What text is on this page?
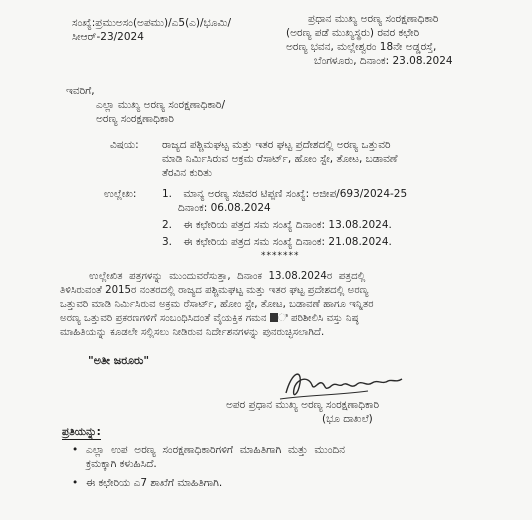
ಸಂಖ್ಯೆ:ಪ್ರಮುಅಸಂ(ಅಪಮು)/ಎ5(ಎ)/ಭೂಮಿ/
ಸೀಆರ್-23/2024
ಪ್ರಧಾನ ಮುಖ್ಯ ಅರಣ್ಯ ಸಂರಕ್ಷಣಾಧಿಕಾರಿ
(ಅರಣ್ಯ ಪಡೆ ಮುಖ್ಯಸ್ಥರು) ರವರ ಕಛೇರಿ
ಅರಣ್ಯ ಭವನ, ಮಲ್ಲೇಶ್ವರಂ 18ನೇ ಅಡ್ಡರಸ್ತೆ,
ಬೆಂಗಳೂರು, ದಿನಾಂಕ: 23.08.2024
ಇವರಿಗೆ,
ಎಲ್ಲಾ ಮುಖ್ಯ ಅರಣ್ಯ ಸಂರಕ್ಷಣಾಧಿಕಾರಿ/
ಅರಣ್ಯ ಸಂರಕ್ಷಣಾಧಿಕಾರಿ
ವಿಷಯ: ರಾಜ್ಯದ ಪಶ್ಚಿಮಘಟ್ಟ ಮತ್ತು ಇತರ ಘಟ್ಟ ಪ್ರದೇಶದಲ್ಲಿ ಅರಣ್ಯ ಒತ್ತುವರಿ
ಮಾಡಿ ನಿರ್ಮಿಸಿರುವ ಅಕ್ರಮ ರೆಸಾರ್ಟ್, ಹೋಂ ಸ್ಟೇ, ತೋಟ, ಬಡಾವಣೆ
ತೆರವಿನ ಕುರಿತು
ಉಲ್ಲೇಖ: 1. ಮಾನ್ಯ ಅರಣ್ಯ ಸಚಿವರ ಟಿಪ್ಪಣಿ ಸಂಖ್ಯೆ: ಅಜೀಪ/693/2024-25
ದಿನಾಂಕ: 06.08.2024
2. ಈ ಕಛೇರಿಯ ಪತ್ರದ ಸಮ ಸಂಖ್ಯೆ ದಿನಾಂಕ: 13.08.2024.
3. ಈ ಕಛೇರಿಯ ಪತ್ರದ ಸಮ ಸಂಖ್ಯೆ ದಿನಾಂಕ: 21.08.2024.
*******
ಉಲ್ಲೇಖಿತ  ಪತ್ರಗಳನ್ನು  ಮುಂದುವರೆಸುತ್ತಾ,  ದಿನಾಂಕ  13.08.2024ರ  ಪತ್ರದಲ್ಲಿ
ತಿಳಿಸಿರುವಂತೆ 2015ರ ನಂತರದಲ್ಲಿ ರಾಜ್ಯದ ಪಶ್ಚಿಮಘಟ್ಟ ಮತ್ತು ಇತರ ಘಟ್ಟ ಪ್ರದೇಶದಲ್ಲಿ ಅರಣ್ಯ
ಒತ್ತುವರಿ ಮಾಡಿ ನಿರ್ಮಿಸಿರುವ ಅಕ್ರಮ ರೆಸಾರ್ಟ್, ಹೋಂ ಸ್ಟೇ, ತೋಟ, ಬಡಾವಣೆ ಹಾಗೂ ಇನ್ನಿತರ
ಅರಣ್ಯ ಒತ್ತುವರಿ ಪ್ರಕರಣಗಳಿಗೆ ಸಂಬಂಧಿಸಿದಂತೆ ವೈಯಕ್ತಿಕ ಗಮನ ಿ ಪರಿಶೀಲಿಸಿ ವಸ್ತು ನಿಷ್ಠ
ಮಾಹಿತಿಯನ್ನು ಕೂಡಲೇ ಸಲ್ಲಿಸಲು ನೀಡಿರುವ ನಿರ್ದೇಶನಗಳನ್ನು ಪುನರುಚ್ಛಿಸಲಾಗಿದೆ.
"ಅತೀ ಜರೂರು"
ಅಪರ ಪ್ರಧಾನ ಮುಖ್ಯ ಅರಣ್ಯ ಸಂರಕ್ಷಣಾಧಿಕಾರಿ
(ಭೂ ದಾಖಲೆ)
ಪ್ರತಿಯನ್ನು:
• ಎಲ್ಲಾ  ಉಪ  ಅರಣ್ಯ  ಸಂರಕ್ಷಣಾಧಿಕಾರಿಗಳಿಗೆ  ಮಾಹಿತಿಗಾಗಿ  ಮತ್ತು  ಮುಂದಿನ
ಕ್ರಮಕ್ಕಾಗಿ ಕಳುಹಿಸಿದೆ.
• ಈ ಕಛೇರಿಯ ಎ7 ಶಾಖೆಗೆ ಮಾಹಿತಿಗಾಗಿ.
